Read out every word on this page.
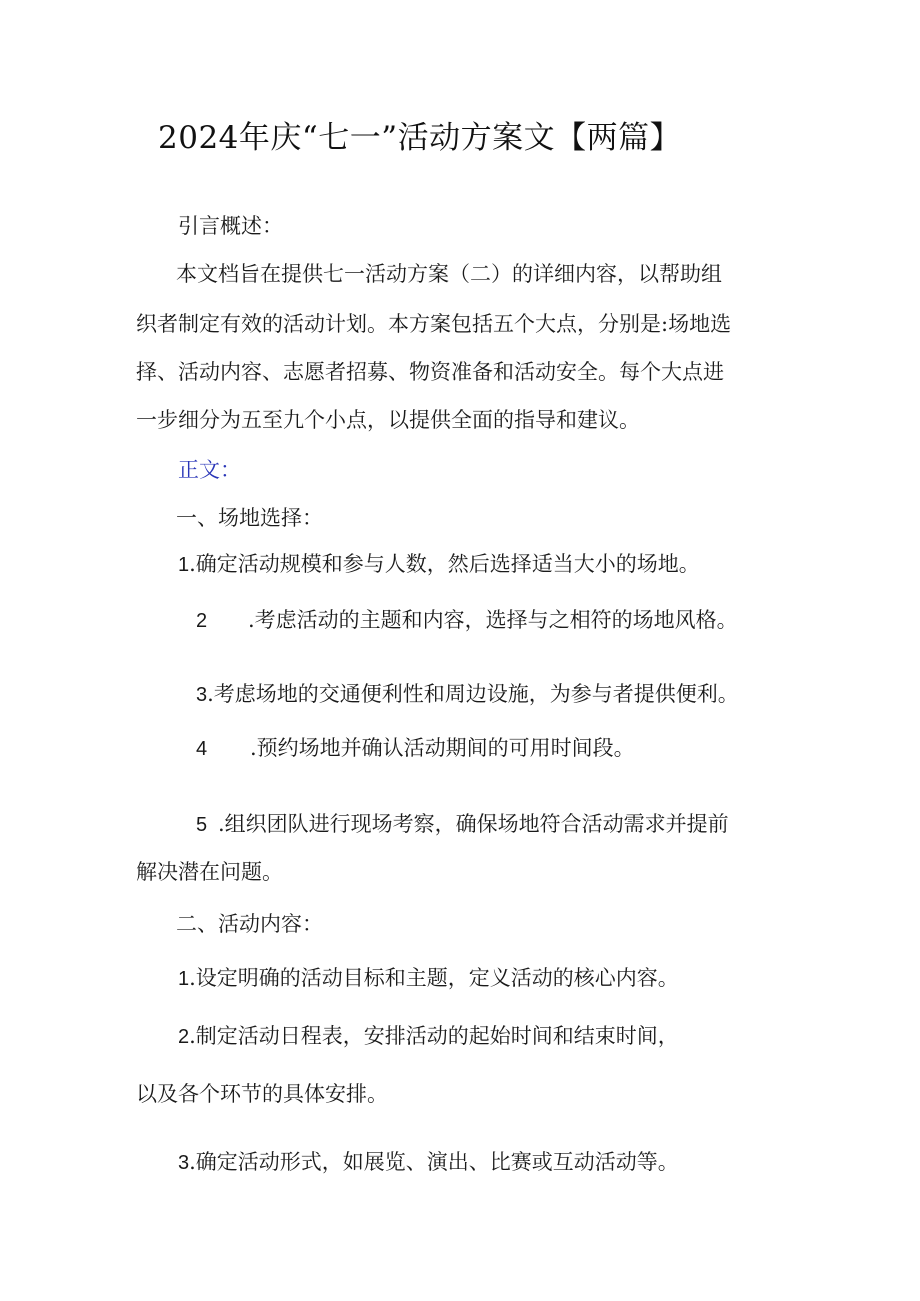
2024年庆“七一”活动方案文【两篇】
引言概述：
本文档旨在提供七一活动方案（二）的详细内容，以帮助组
织者制定有效的活动计划。本方案包括五个大点，分别是:场地选
择、活动内容、志愿者招募、物资准备和活动安全。每个大点进
一步细分为五至九个小点，以提供全面的指导和建议。
正文：
一、场地选择：
1.确定活动规模和参与人数，然后选择适当大小的场地。
2 .考虑活动的主题和内容，选择与之相符的场地风格。
3.考虑场地的交通便利性和周边设施，为参与者提供便利。
4 .预约场地并确认活动期间的可用时间段。
5 .组织团队进行现场考察，确保场地符合活动需求并提前
解决潜在问题。
二、活动内容：
1.设定明确的活动目标和主题，定义活动的核心内容。
2.制定活动日程表，安排活动的起始时间和结束时间，
以及各个环节的具体安排。
3.确定活动形式，如展览、演出、比赛或互动活动等。
